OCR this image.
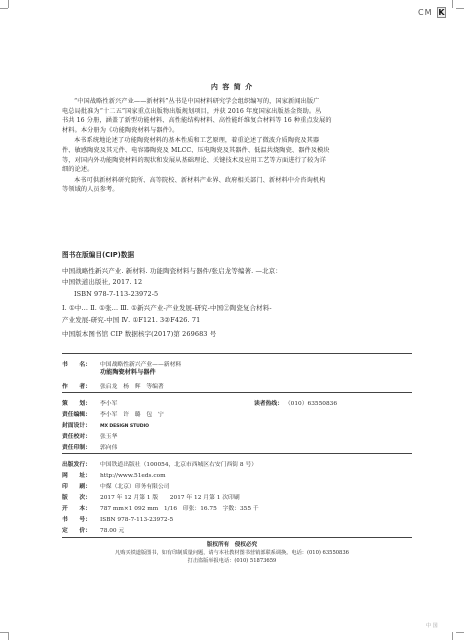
CM K
内 容 简 介
“中国战略性新兴产业——新材料”丛书是中国材料研究学会组织编写的，国家新闻出版广
电总局批准为“十二五”国家重点出版物出版规划项目，并获 2016 年度国家出版基金资助。丛
书共 16 分册，涵盖了新型功能材料、高性能结构材料、高性能纤维复合材料等 16 种重点发展的
材料。本分册为《功能陶瓷材料与器件》。
本书系统地论述了功能陶瓷材料的基本性质和工艺原理，着重论述了微波介质陶瓷及其器
件、敏感陶瓷及其元件、电容器陶瓷及 MLCC、压电陶瓷及其器件、低温共烧陶瓷、器件及模块
等，对国内外功能陶瓷材料的现状和发展从基础理论、关键技术及应用工艺等方面进行了较为详
细的论述。
本书可供新材料研究院所、高等院校、新材料产业界、政府相关部门、新材料中介咨询机构
等领域的人员参考。
图书在版编目(CIP)数据
中国战略性新兴产业. 新材料. 功能陶瓷材料与器件/张启龙等编著. —北京：
中国铁道出版社, 2017. 12
ISBN 978-7-113-23972-5
Ⅰ. ①中… Ⅱ. ①张… Ⅲ. ①新兴产业-产业发展-研究-中国②陶瓷复合材料-
产业发展-研究-中国 Ⅳ. ①F121. 3②F426. 71
中国版本图书馆 CIP 数据核字(2017)第 269683 号
书　　名：	中国战略性新兴产业——新材料
功能陶瓷材料与器件
作　　者：	张启龙　杨　辉　等编著
策　　划：	李小军	读者热线： （010）63550836
责任编辑：	李小军　许　璐　包　宁
封面设计：	MX DESIGN STUDIO
责任校对：	张玉华
责任印制：	郭向伟
出版发行：	中国铁道出版社（100054，北京市西城区右安门西街 8 号）
网　　址：	http://www.51eds.com
印　　刷：	中煤（北京）印务有限公司
版　　次：	2017 年 12 月第 1 版　　2017 年 12 月第 1 次印刷
开　　本：	787 mm×1 092 mm　1/16　印张：16.75　字数：355 千
书　　号：	ISBN 978-7-113-23972-5
定　　价：	78.00 元
版权所有　侵权必究
凡购买铁道版图书，如有印制质量问题，请与本社教材图书营销部联系调换。电话：(010) 63550836
打击盗版举报电话：(010) 51873659
中 国
